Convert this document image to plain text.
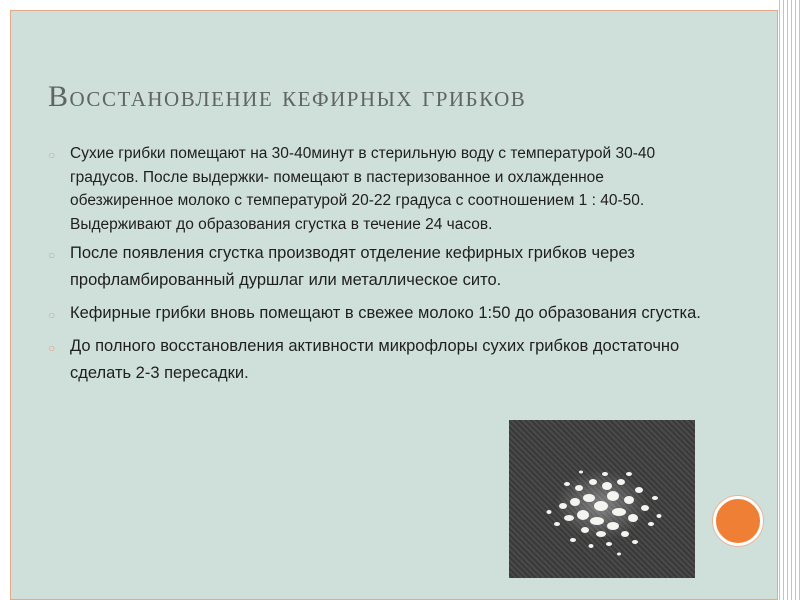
Восстановление кефирных грибков
○ Сухие грибки помещают на 30-40минут в стерильную воду с температурой 30-40 градусов. После выдержки- помещают в пастеризованное и охлажденное обезжиренное молоко с температурой 20-22 градуса с соотношением 1 : 40-50. Выдерживают до образования сгустка в течение 24 часов.
○ После появления сгустка производят отделение кефирных грибков через профламбированный дуршлаг или металлическое сито.
○ Кефирные грибки вновь помещают в свежее молоко 1:50 до образования сгустка.
○ До полного восстановления активности микрофлоры сухих грибков достаточно сделать 2-3 пересадки.
